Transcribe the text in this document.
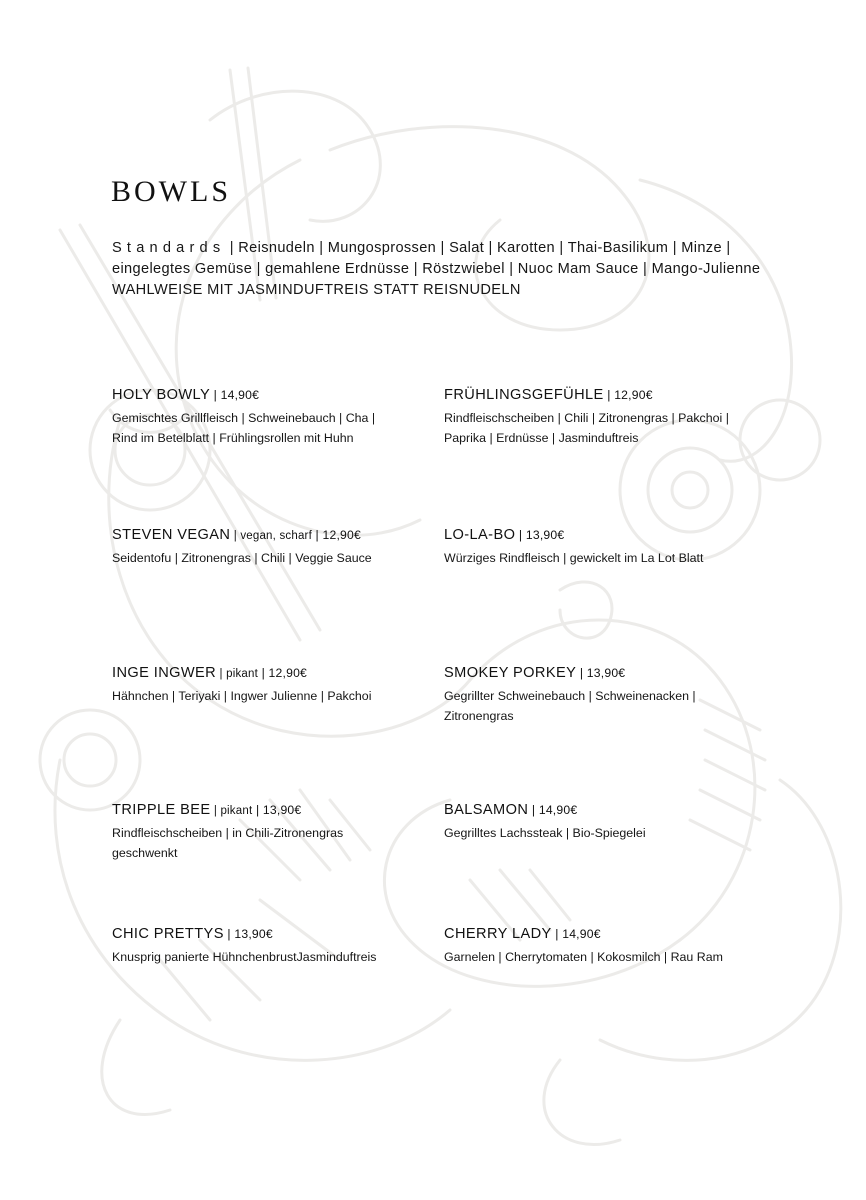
BOWLS

Standards | Reisnudeln | Mungosprossen | Salat | Karotten | Thai-Basilikum | Minze | eingelegtes Gemüse | gemahlene Erdnüsse | Röstzwiebel | Nuoc Mam Sauce | Mango-Julienne WAHLWEISE MIT JASMINDUFTREIS STATT REISNUDELN

HOLY BOWLY | 14,90€
Gemischtes Grillfleisch | Schweinebauch | Cha |
Rind im Betelblatt | Frühlingsrollen mit Huhn
FRÜHLINGSGEFÜHLE | 12,90€
Rindfleischscheiben | Chili | Zitronengras | Pakchoi |
Paprika | Erdnüsse | Jasminduftreis
STEVEN VEGAN | vegan, scharf | 12,90€
Seidentofu | Zitronengras | Chili | Veggie Sauce
LO-LA-BO | 13,90€
Würziges Rindfleisch | gewickelt im La Lot Blatt
INGE INGWER | pikant | 12,90€
Hähnchen | Teriyaki | Ingwer Julienne | Pakchoi
SMOKEY PORKEY | 13,90€
Gegrillter Schweinebauch | Schweinenacken |
Zitronengras
TRIPPLE BEE | pikant | 13,90€
Rindfleischscheiben | in Chili-Zitronengras
geschwenkt
BALSAMON | 14,90€
Gegrilltes Lachssteak | Bio-Spiegelei
CHIC PRETTYS | 13,90€
Knusprig panierte HühnchenbrustJasminduftreis
CHERRY LADY | 14,90€
Garnelen | Cherrytomaten | Kokosmilch | Rau Ram
